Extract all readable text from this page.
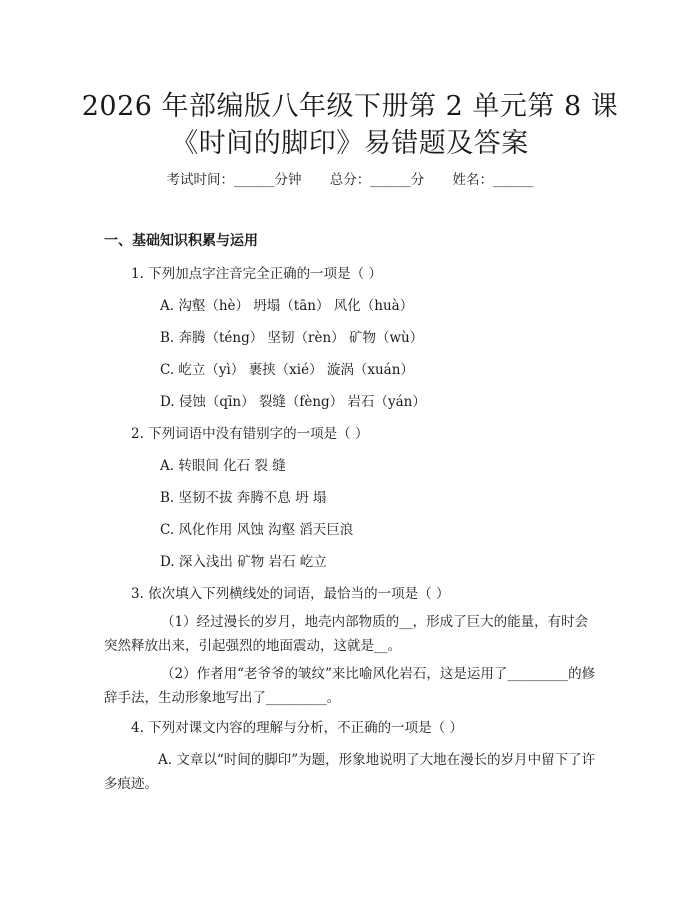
2026 年部编版八年级下册第 2 单元第 8 课
《时间的脚印》易错题及答案
考试时间：______分钟 总分：______分 姓名：______
一、基础知识积累与运用
1. 下列加点字注音完全正确的一项是（ ）
A. 沟壑（hè） 坍塌（tān） 风化（huà）
B. 奔腾（téng） 坚韧（rèn） 矿物（wù）
C. 屹立（yì） 裹挟（xié） 漩涡（xuán）
D. 侵蚀（qīn） 裂缝（fèng） 岩石（yán）
2. 下列词语中没有错别字的一项是（ ）
A. 转眼间 化石 裂 缝
B. 坚韧不拔 奔腾不息 坍 塌
C. 风化作用 风蚀 沟壑 滔天巨浪
D. 深入浅出 矿物 岩石 屹立
3. 依次填入下列横线处的词语，最恰当的一项是（ ）
（1）经过漫长的岁月，地壳内部物质的__，形成了巨大的能量，有时会突然释放出来，引起强烈的地面震动，这就是__。
（2）作者用“老爷爷的皱纹”来比喻风化岩石，这是运用了_________的修辞手法，生动形象地写出了_________。
4. 下列对课文内容的理解与分析，不正确的一项是（ ）
A. 文章以“时间的脚印”为题，形象地说明了大地在漫长的岁月中留下了许多痕迹。
